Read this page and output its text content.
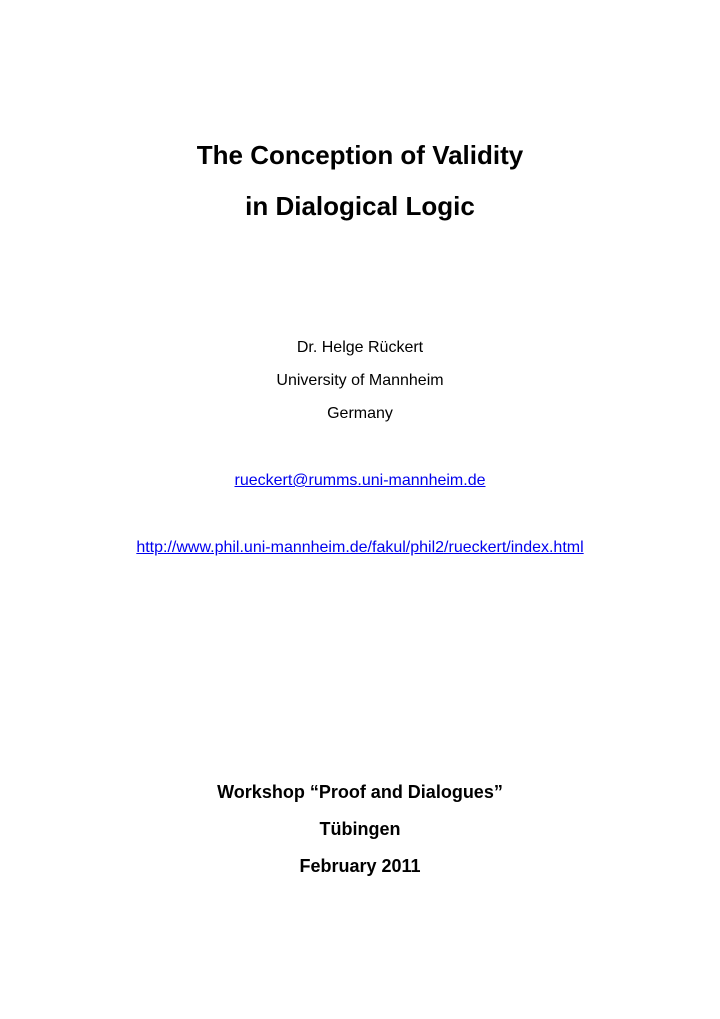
The Conception of Validity
in Dialogical Logic
Dr. Helge Rückert
University of Mannheim
Germany
rueckert@rumms.uni-mannheim.de
http://www.phil.uni-mannheim.de/fakul/phil2/rueckert/index.html
Workshop “Proof and Dialogues”
Tübingen
February 2011
